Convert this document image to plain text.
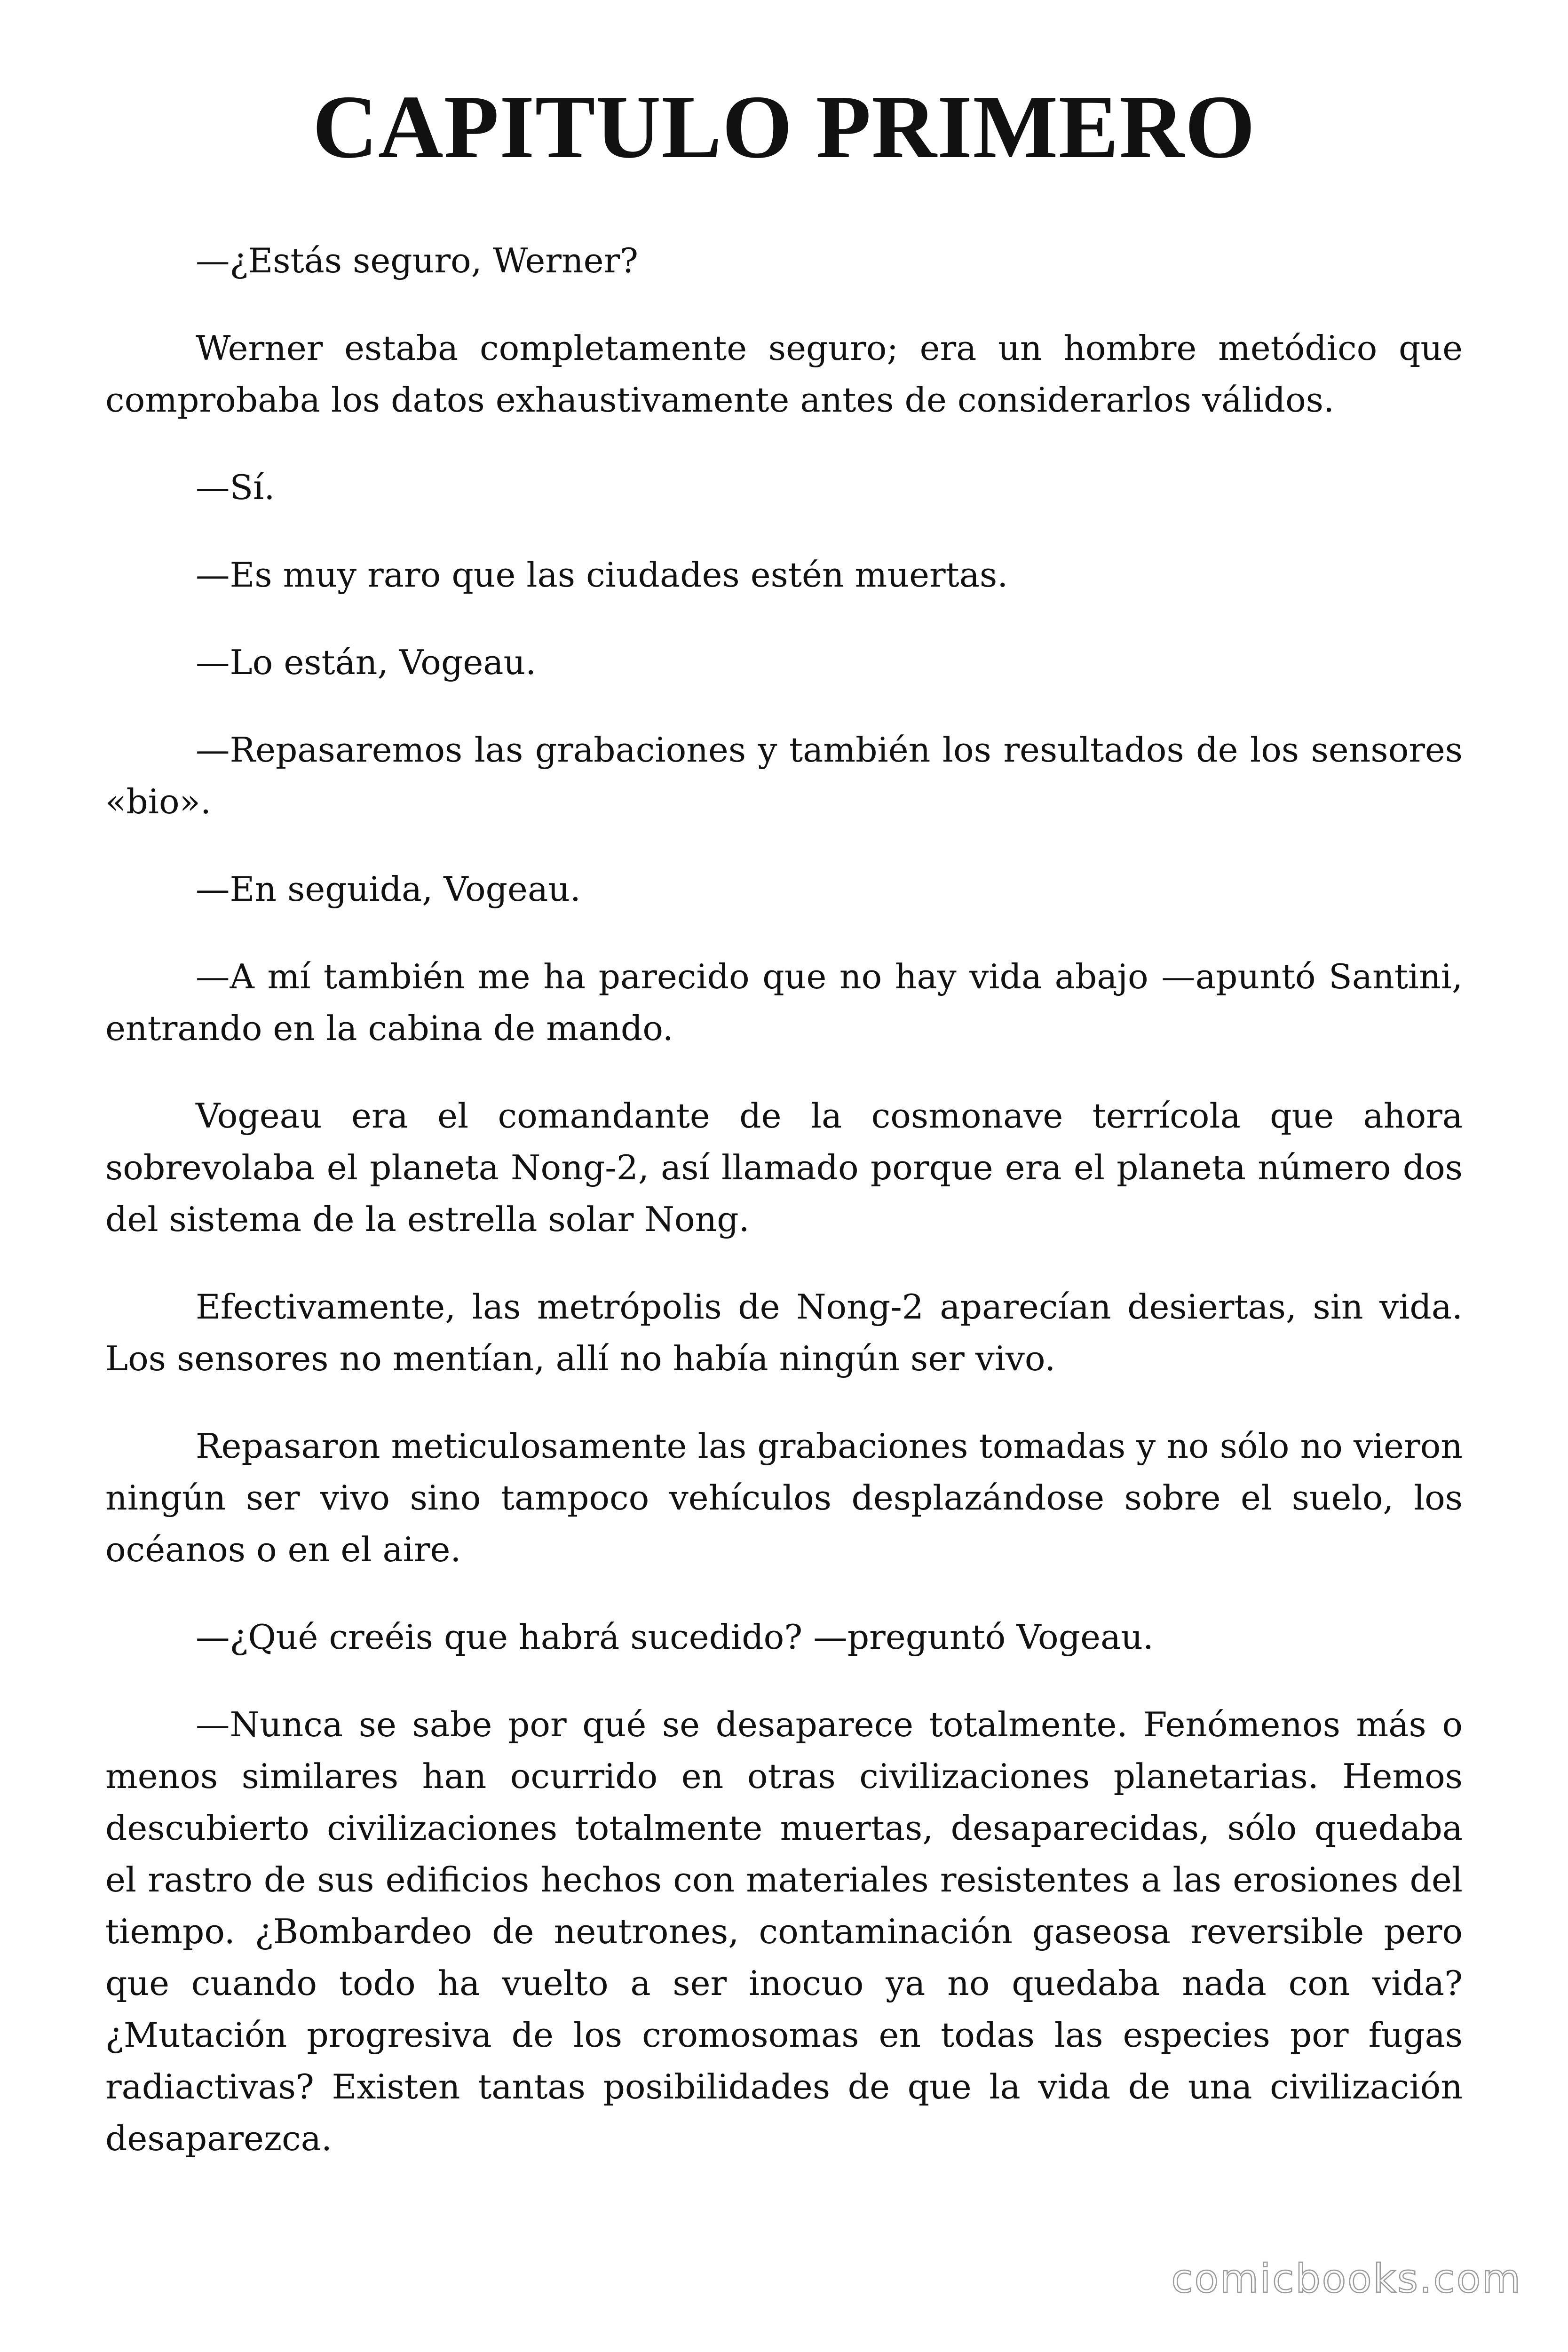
CAPITULO PRIMERO

—¿Estás seguro, Werner?

Werner estaba completamente seguro; era un hombre metódico que comprobaba los datos exhaustivamente antes de considerarlos válidos.

—Sí.

—Es muy raro que las ciudades estén muertas.

—Lo están, Vogeau.

—Repasaremos las grabaciones y también los resultados de los sensores «bio».

—En seguida, Vogeau.

—A mí también me ha parecido que no hay vida abajo —apuntó Santini, entrando en la cabina de mando.

Vogeau era el comandante de la cosmonave terrícola que ahora sobrevolaba el planeta Nong-2, así llamado porque era el planeta número dos del sistema de la estrella solar Nong.

Efectivamente, las metrópolis de Nong-2 aparecían desiertas, sin vida. Los sensores no mentían, allí no había ningún ser vivo.

Repasaron meticulosamente las grabaciones tomadas y no sólo no vieron ningún ser vivo sino tampoco vehículos desplazándose sobre el suelo, los océanos o en el aire.

—¿Qué creéis que habrá sucedido? —preguntó Vogeau.

—Nunca se sabe por qué se desaparece totalmente. Fenómenos más o menos similares han ocurrido en otras civilizaciones planetarias. Hemos descubierto civilizaciones totalmente muertas, desaparecidas, sólo quedaba el rastro de sus edificios hechos con materiales resistentes a las erosiones del tiempo. ¿Bombardeo de neutrones, contaminación gaseosa reversible pero que cuando todo ha vuelto a ser inocuo ya no quedaba nada con vida? ¿Mutación progresiva de los cromosomas en todas las especies por fugas radiactivas? Existen tantas posibilidades de que la vida de una civilización desaparezca.

comicbooks.com
